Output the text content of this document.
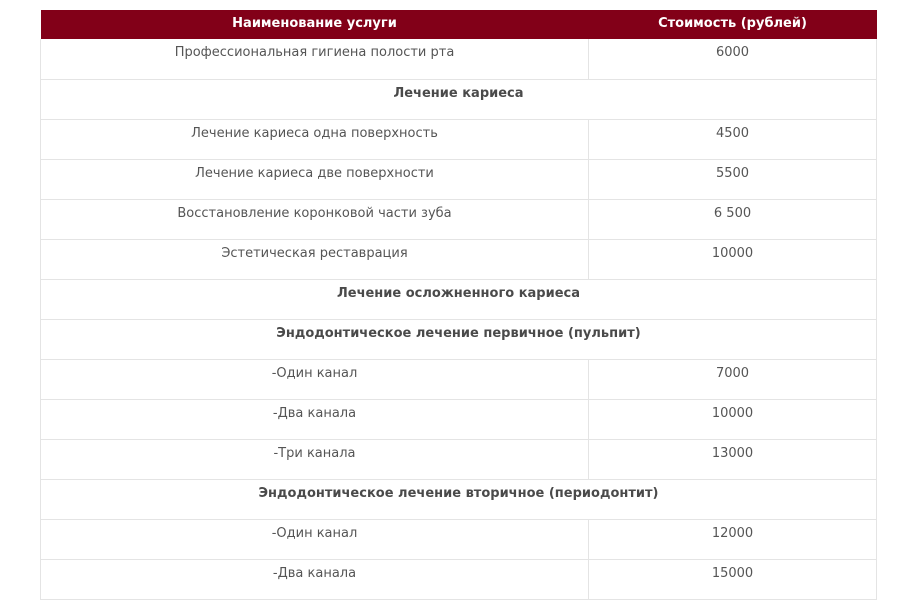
Наименование услуги	Стоимость (рублей)
Профессиональная гигиена полости рта	6000
Лечение кариеса	
Лечение кариеса одна поверхность	4500
Лечение кариеса две поверхности	5500
Восстановление коронковой части зуба	6 500
Эстетическая реставрация	10000
Лечение осложненного кариеса	
Эндодонтическое лечение первичное (пульпит)	
-Один канал	7000
-Два канала	10000
-Три канала	13000
Эндодонтическое лечение вторичное (периодонтит)	
-Один канал	12000
-Два канала	15000
